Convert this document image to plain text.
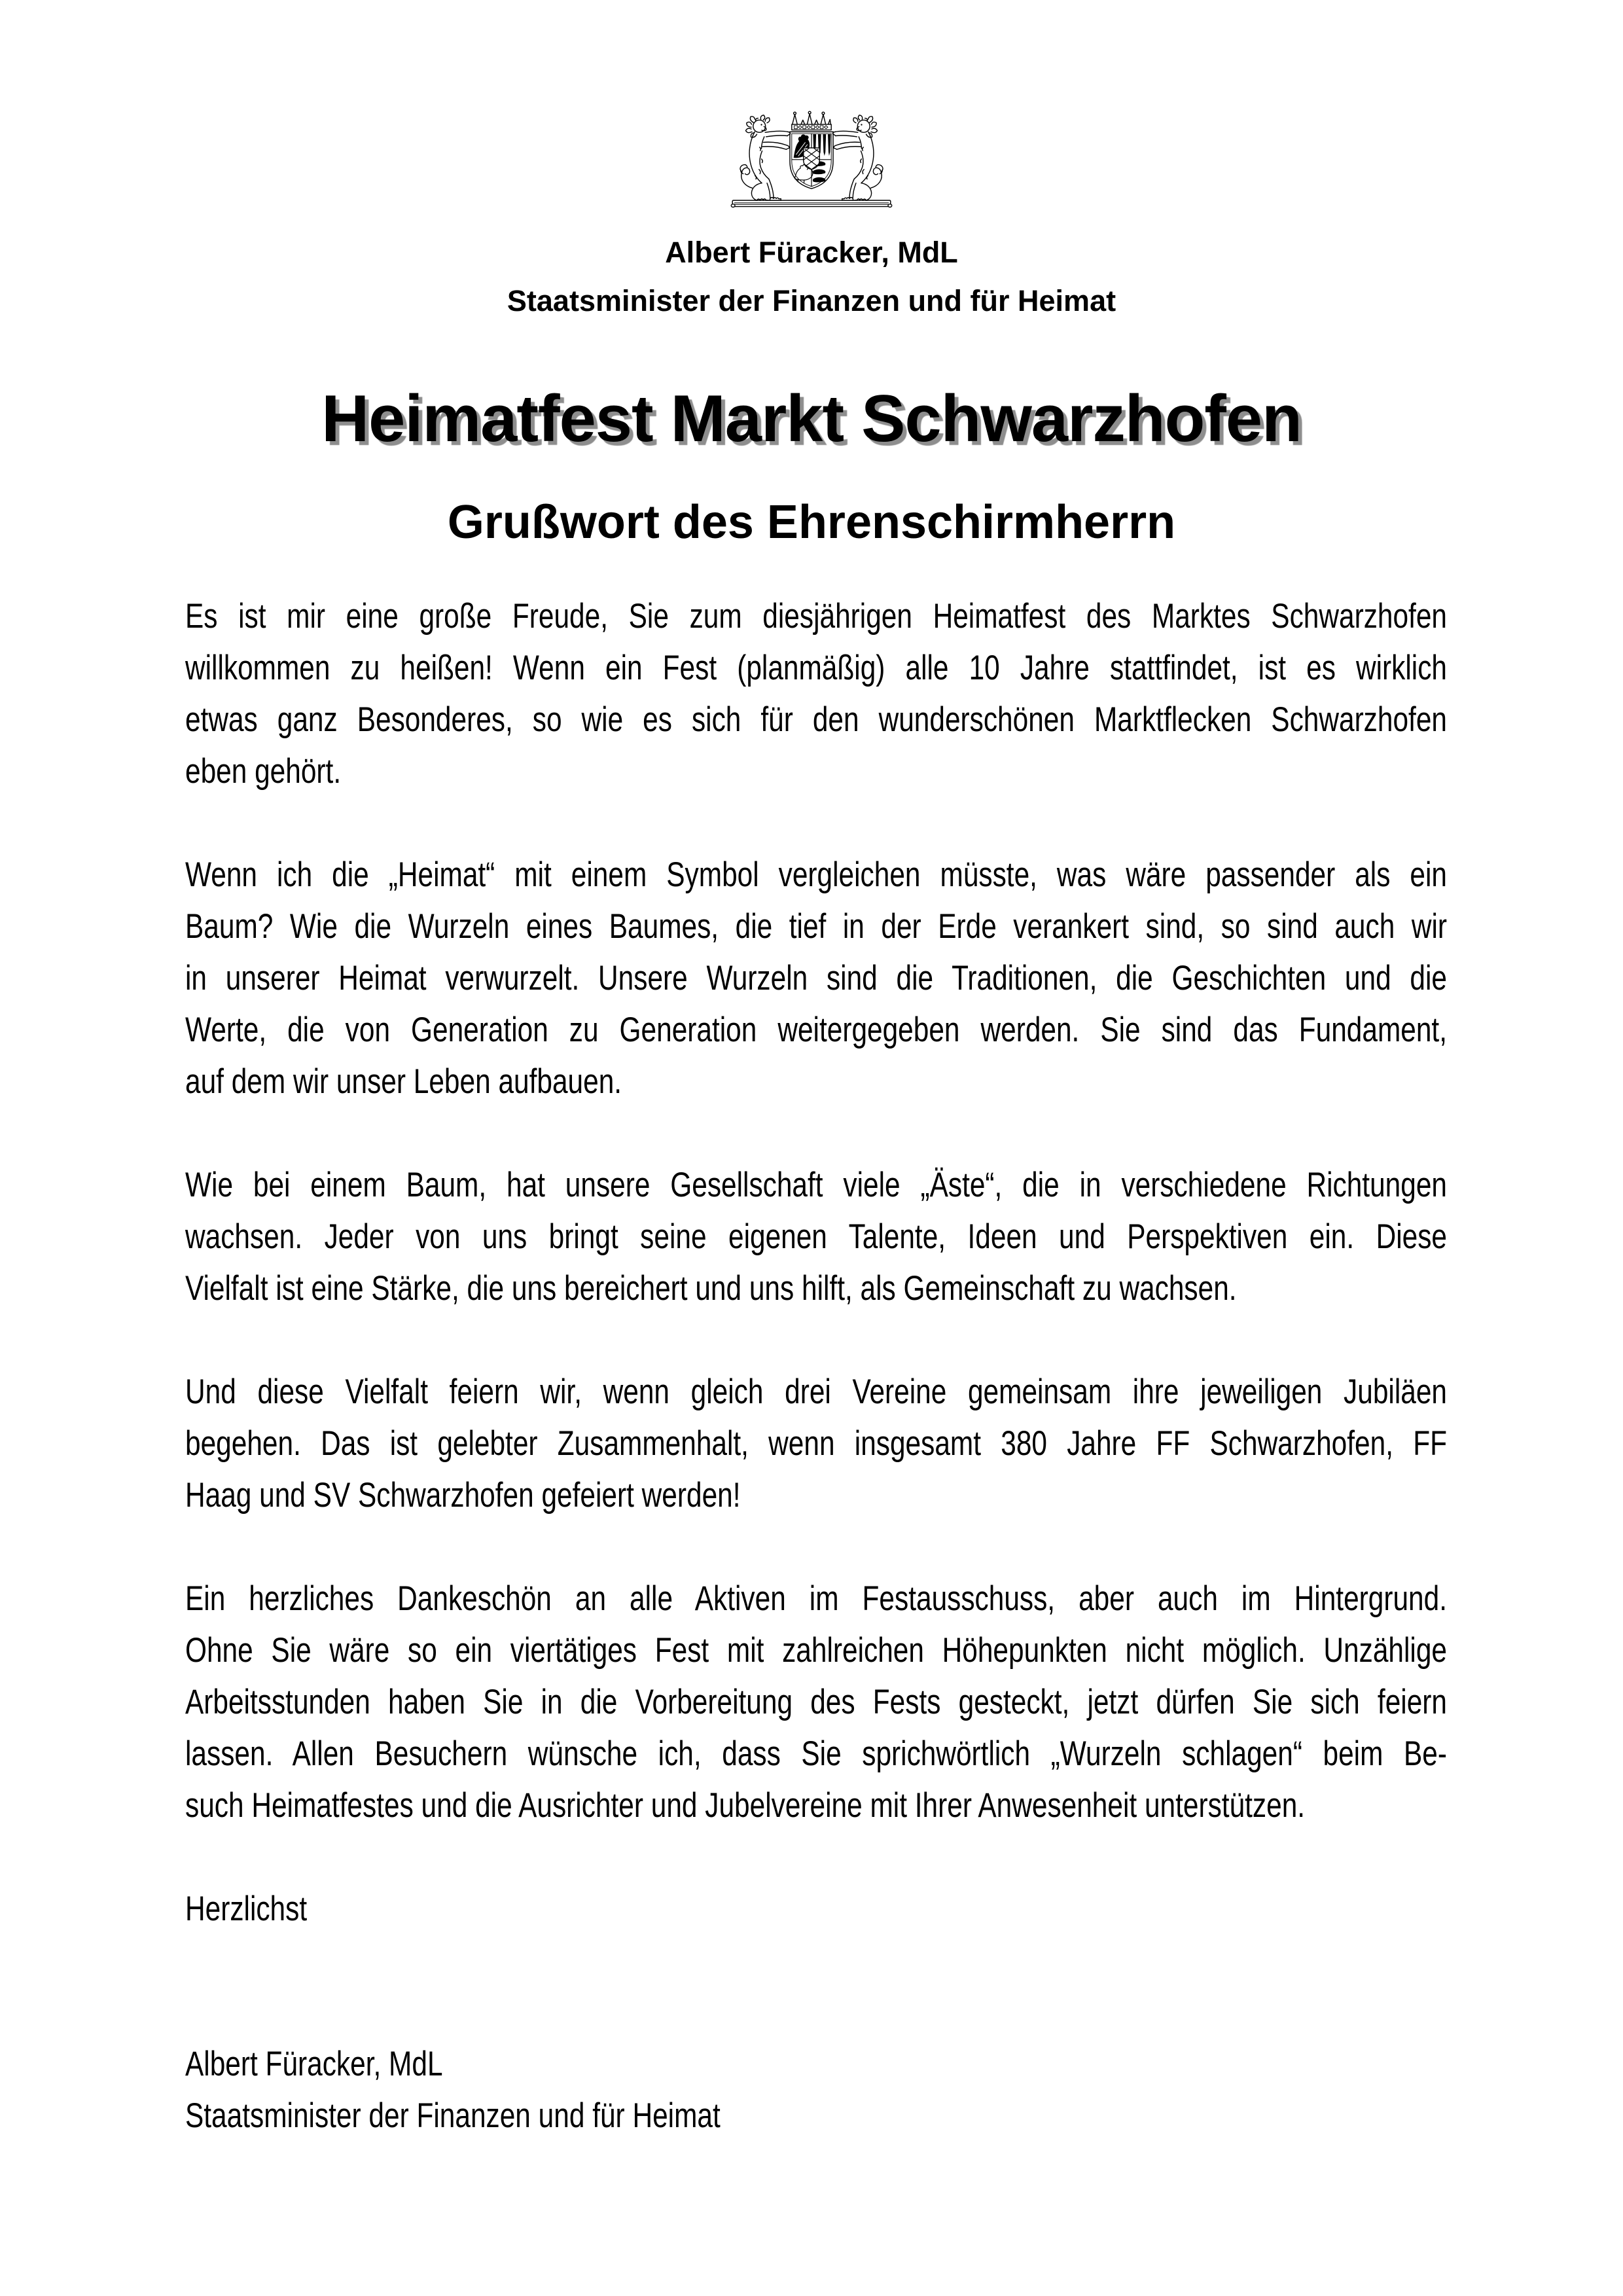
Albert Füracker, MdL
Staatsminister der Finanzen und für Heimat
Heimatfest Markt Schwarzhofen
Grußwort des Ehrenschirmherrn
Es ist mir eine große Freude, Sie zum diesjährigen Heimatfest des Marktes Schwarzhofen
willkommen zu heißen! Wenn ein Fest (planmäßig) alle 10 Jahre stattfindet, ist es wirklich
etwas ganz Besonderes, so wie es sich für den wunderschönen Marktflecken Schwarzhofen
eben gehört.
Wenn ich die „Heimat“ mit einem Symbol vergleichen müsste, was wäre passender als ein
Baum? Wie die Wurzeln eines Baumes, die tief in der Erde verankert sind, so sind auch wir
in unserer Heimat verwurzelt. Unsere Wurzeln sind die Traditionen, die Geschichten und die
Werte, die von Generation zu Generation weitergegeben werden. Sie sind das Fundament,
auf dem wir unser Leben aufbauen.
Wie bei einem Baum, hat unsere Gesellschaft viele „Äste“, die in verschiedene Richtungen
wachsen. Jeder von uns bringt seine eigenen Talente, Ideen und Perspektiven ein. Diese
Vielfalt ist eine Stärke, die uns bereichert und uns hilft, als Gemeinschaft zu wachsen.
Und diese Vielfalt feiern wir, wenn gleich drei Vereine gemeinsam ihre jeweiligen Jubiläen
begehen. Das ist gelebter Zusammenhalt, wenn insgesamt 380 Jahre FF Schwarzhofen, FF
Haag und SV Schwarzhofen gefeiert werden!
Ein herzliches Dankeschön an alle Aktiven im Festausschuss, aber auch im Hintergrund.
Ohne Sie wäre so ein viertätiges Fest mit zahlreichen Höhepunkten nicht möglich. Unzählige
Arbeitsstunden haben Sie in die Vorbereitung des Fests gesteckt, jetzt dürfen Sie sich feiern
lassen. Allen Besuchern wünsche ich, dass Sie sprichwörtlich „Wurzeln schlagen“ beim Be-
such Heimatfestes und die Ausrichter und Jubelvereine mit Ihrer Anwesenheit unterstützen.
Herzlichst
Albert Füracker, MdL
Staatsminister der Finanzen und für Heimat
